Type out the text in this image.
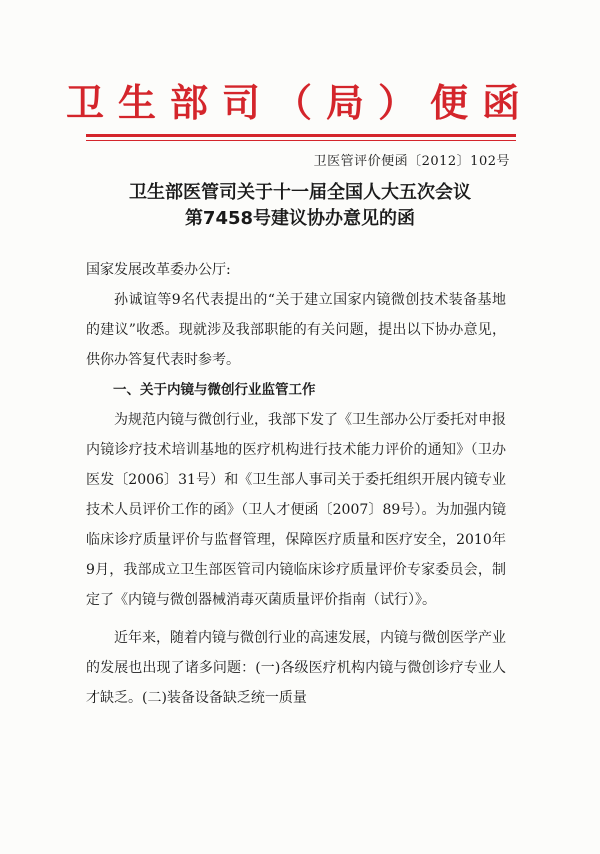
卫生部司（局）便函
卫医管评价便函〔2012〕102号
卫生部医管司关于十一届全国人大五次会议
第7458号建议协办意见的函
国家发展改革委办公厅:

孙诚谊等9名代表提出的“关于建立国家内镜微创技术装备基地的建议”收悉。现就涉及我部职能的有关问题，提出以下协办意见，供你办答复代表时参考。

一、关于内镜与微创行业监管工作

为规范内镜与微创行业，我部下发了《卫生部办公厅委托对申报内镜诊疗技术培训基地的医疗机构进行技术能力评价的通知》（卫办医发〔2006〕31号）和《卫生部人事司关于委托组织开展内镜专业技术人员评价工作的函》（卫人才便函〔2007〕89号）。为加强内镜临床诊疗质量评价与监督管理，保障医疗质量和医疗安全，2010年9月，我部成立卫生部医管司内镜临床诊疗质量评价专家委员会，制定了《内镜与微创器械消毒灭菌质量评价指南（试行）》。

近年来，随着内镜与微创行业的高速发展，内镜与微创医学产业的发展也出现了诸多问题：(一)各级医疗机构内镜与微创诊疗专业人才缺乏。(二)装备设备缺乏统一质量
